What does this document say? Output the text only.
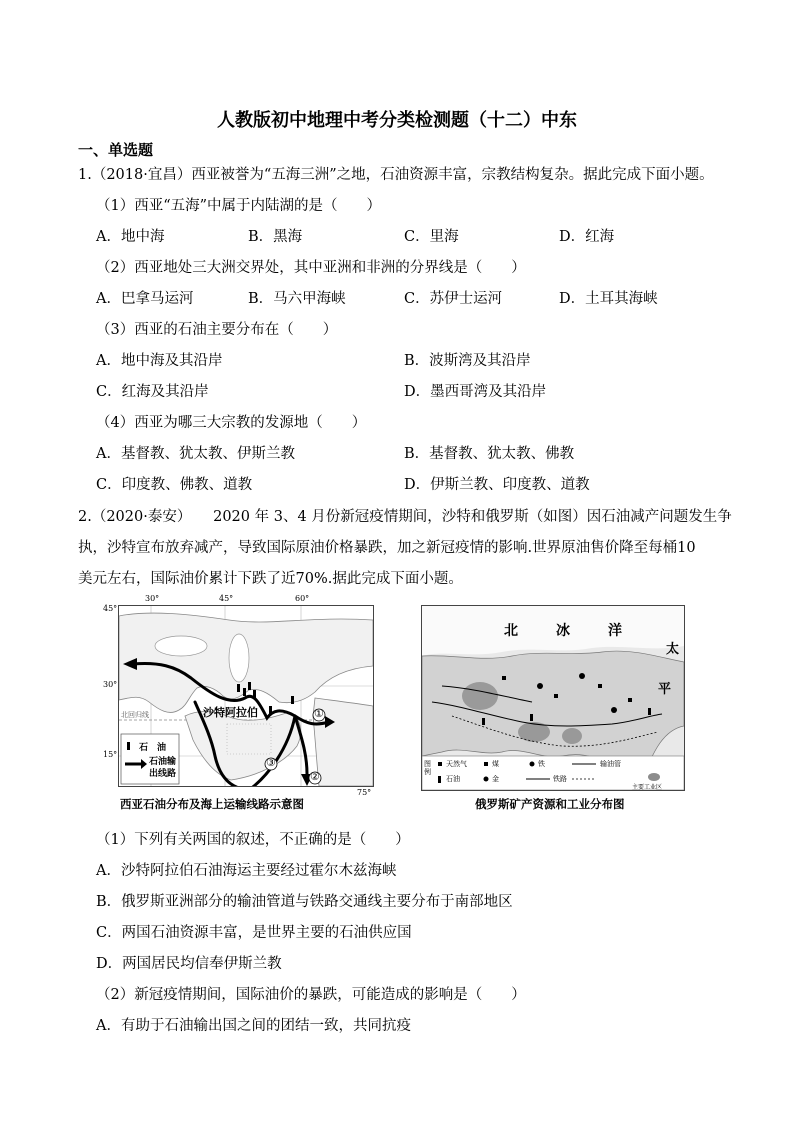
人教版初中地理中考分类检测题（十二）中东
一、单选题
1.（2018·宜昌）西亚被誉为“五海三洲”之地，石油资源丰富，宗教结构复杂。据此完成下面小题。
（1）西亚“五海”中属于内陆湖的是（　　）
A．地中海	B．黑海	C．里海	D．红海
（2）西亚地处三大洲交界处，其中亚洲和非洲的分界线是（　　）
A．巴拿马运河	B．马六甲海峡	C．苏伊士运河	D．土耳其海峡
（3）西亚的石油主要分布在（　　）
A．地中海及其沿岸	B．波斯湾及其沿岸
C．红海及其沿岸	D．墨西哥湾及其沿岸
（4）西亚为哪三大宗教的发源地（　　）
A．基督教、犹太教、伊斯兰教	B．基督教、犹太教、佛教
C．印度教、佛教、道教	D．伊斯兰教、印度教、道教
2.（2020·泰安）　　2020 年 3、4 月份新冠疫情期间，沙特和俄罗斯（如图）因石油减产问题发生争
执，沙特宣布放弃减产，导致国际原油价格暴跌，加之新冠疫情的影响.世界原油售价降至每桶10
美元左右，国际油价累计下跌了近70%.据此完成下面小题。
30°	45°	60°
75°
45°
30°
15°
北回归线	沙特阿拉伯
石　油
石油输
出线路
①
②
③
西亚石油分布及海上运输线路示意图
北	冰	洋
太
平
图例
天然气	煤	铁	输油管
石油	金	铁路
主要工业区
俄罗斯矿产资源和工业分布图
（1）下列有关两国的叙述，不正确的是（　　）
A．沙特阿拉伯石油海运主要经过霍尔木兹海峡
B．俄罗斯亚洲部分的输油管道与铁路交通线主要分布于南部地区
C．两国石油资源丰富，是世界主要的石油供应国
D．两国居民均信奉伊斯兰教
（2）新冠疫情期间，国际油价的暴跌，可能造成的影响是（　　）
A．有助于石油输出国之间的团结一致，共同抗疫
